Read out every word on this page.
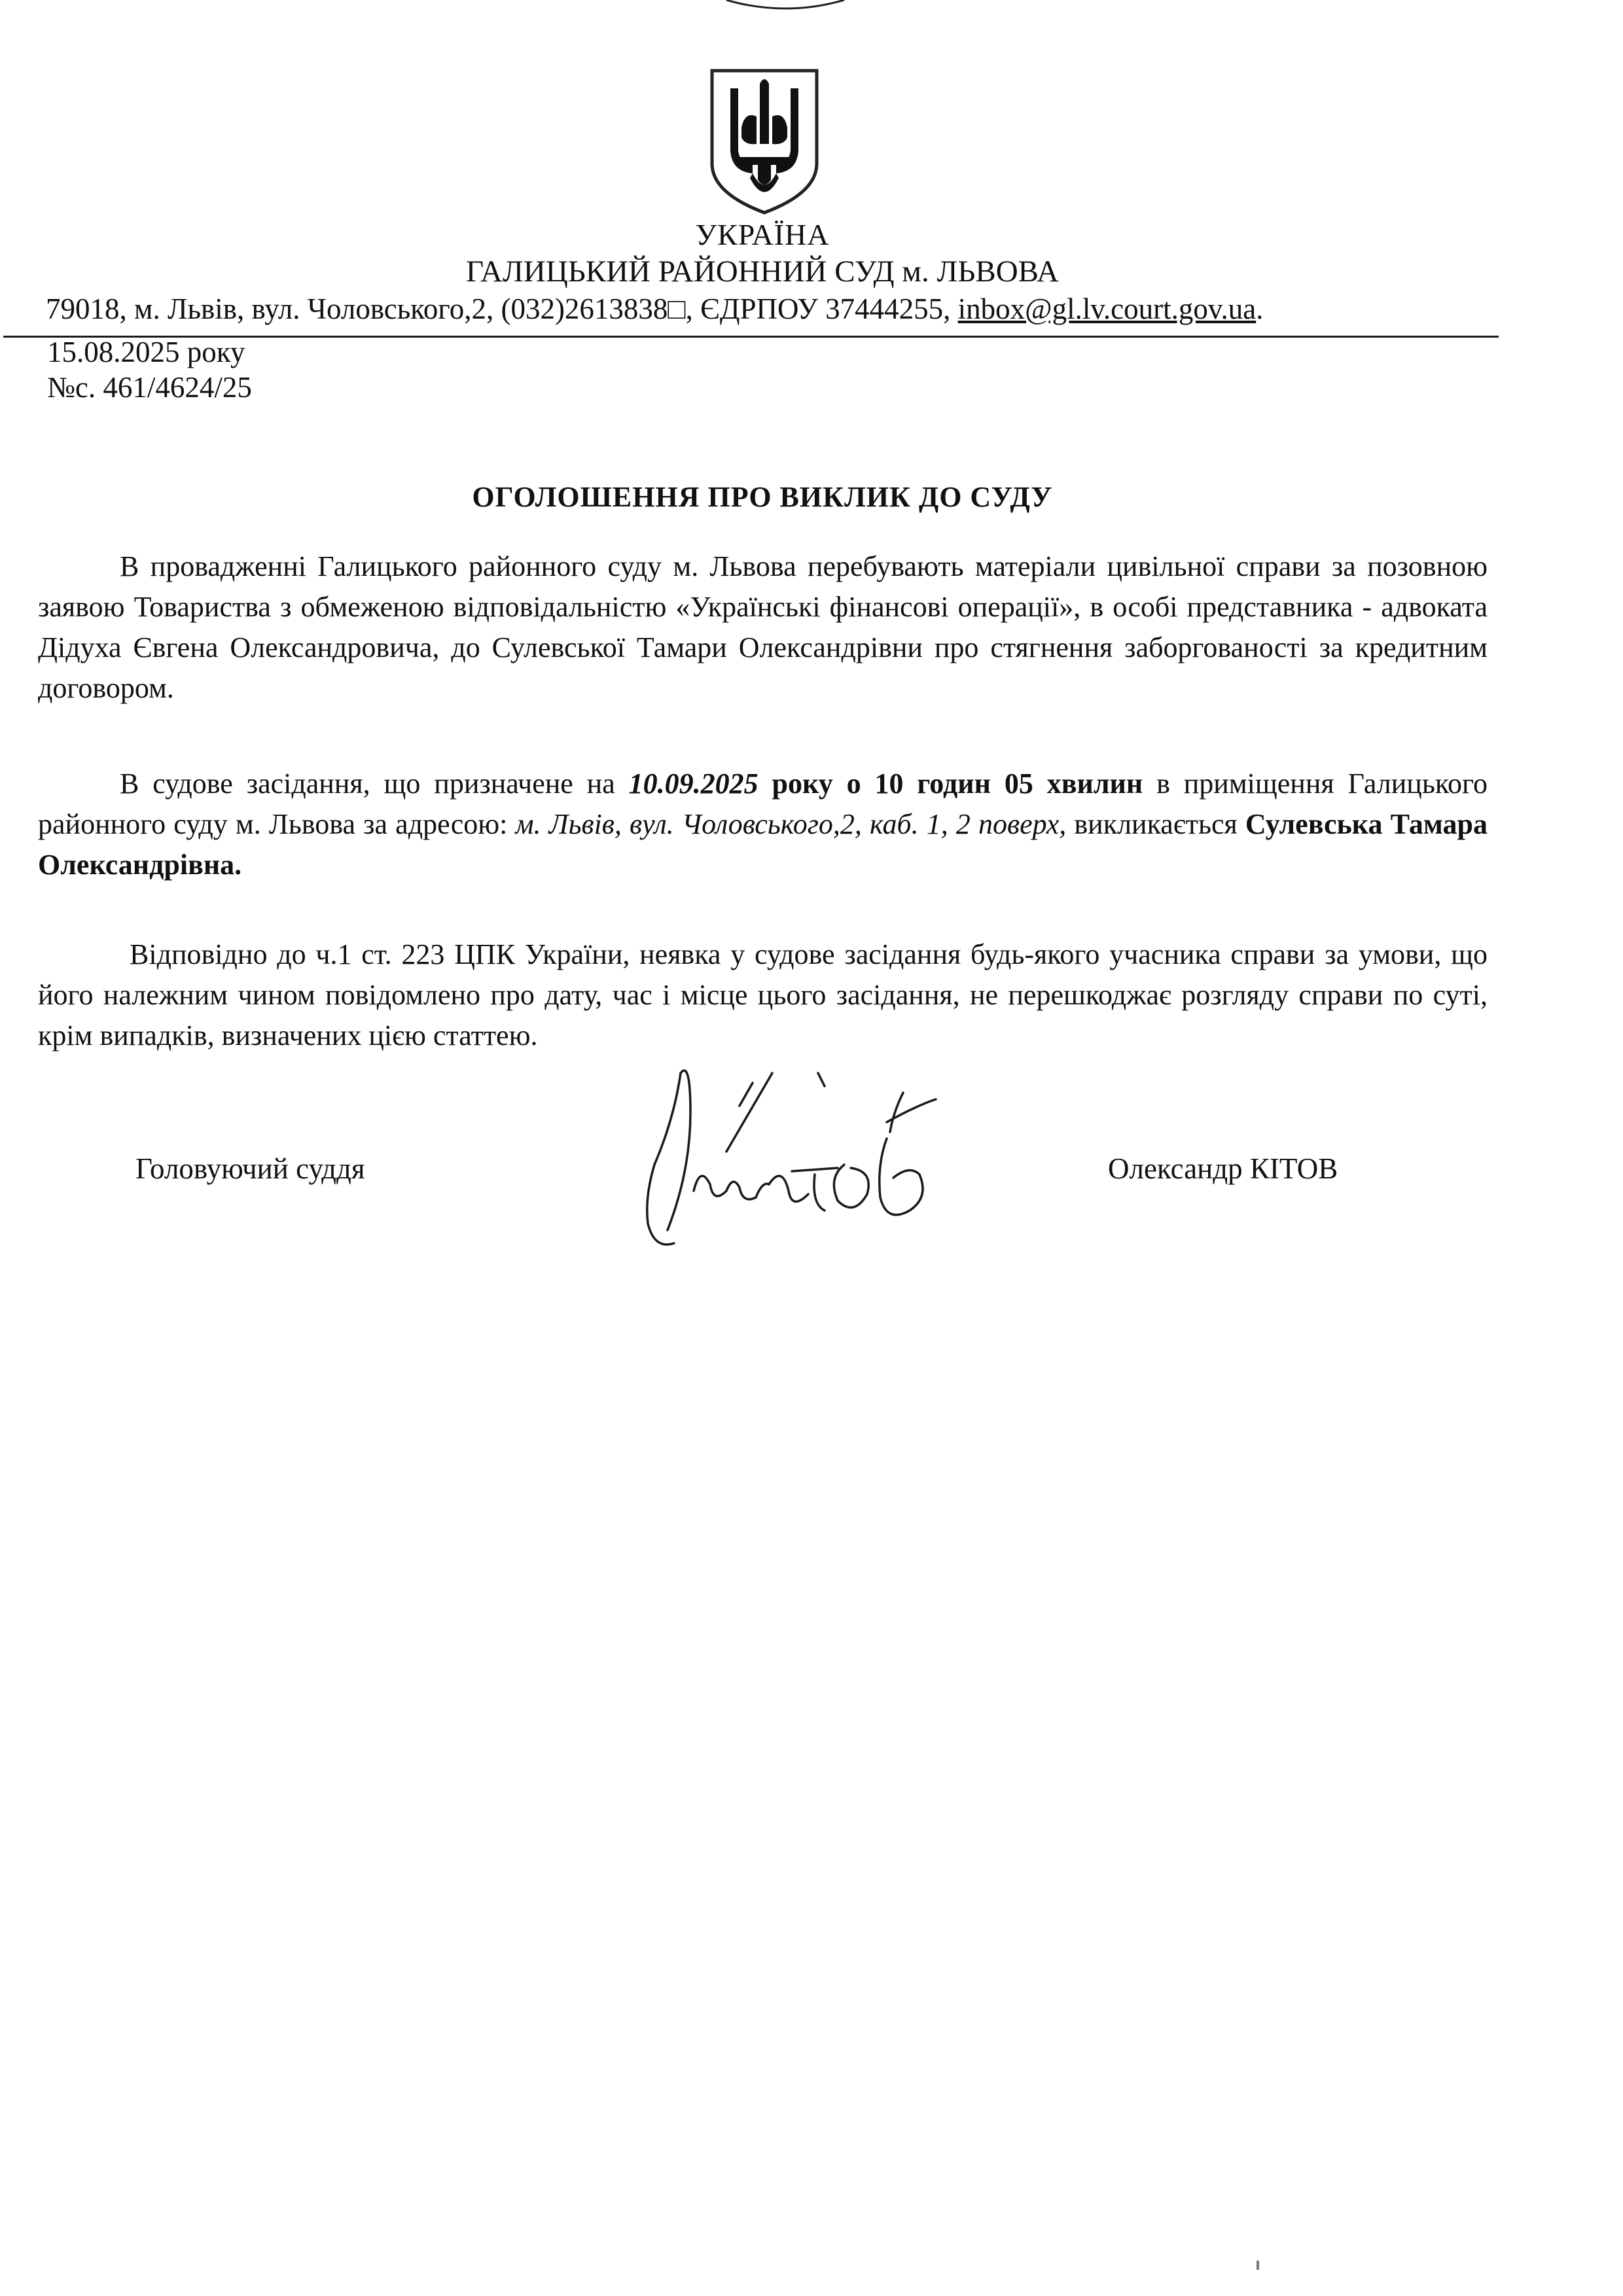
УКРАЇНА
ГАЛИЦЬКИЙ РАЙОННИЙ СУД м. ЛЬВОВА
79018, м. Львів, вул. Чоловського,2, (032)2613838□, ЄДРПОУ 37444255, inbox@gl.lv.court.gov.ua.
15.08.2025 року
№с. 461/4624/25
ОГОЛОШЕННЯ ПРО ВИКЛИК ДО СУДУ
В провадженні Галицького районного суду м. Львова перебувають матеріали цивільної справи за позовною заявою Товариства з обмеженою відповідальністю «Українські фінансові операції», в особі представника - адвоката Дідуха Євгена Олександровича, до Сулевської Тамари Олександрівни про стягнення заборгованості за кредитним договором.
В судове засідання, що призначене на 10.09.2025 року о 10 годин 05 хвилин в приміщення Галицького районного суду м. Львова за адресою: м. Львів, вул. Чоловського,2, каб. 1, 2 поверх, викликається Сулевська Тамара Олександрівна.
Відповідно до ч.1 ст. 223 ЦПК України, неявка у судове засідання будь-якого учасника справи за умови, що його належним чином повідомлено про дату, час і місце цього засідання, не перешкоджає розгляду справи по суті, крім випадків, визначених цією статтею.
Головуючий суддя	Олександр КІТОВ
